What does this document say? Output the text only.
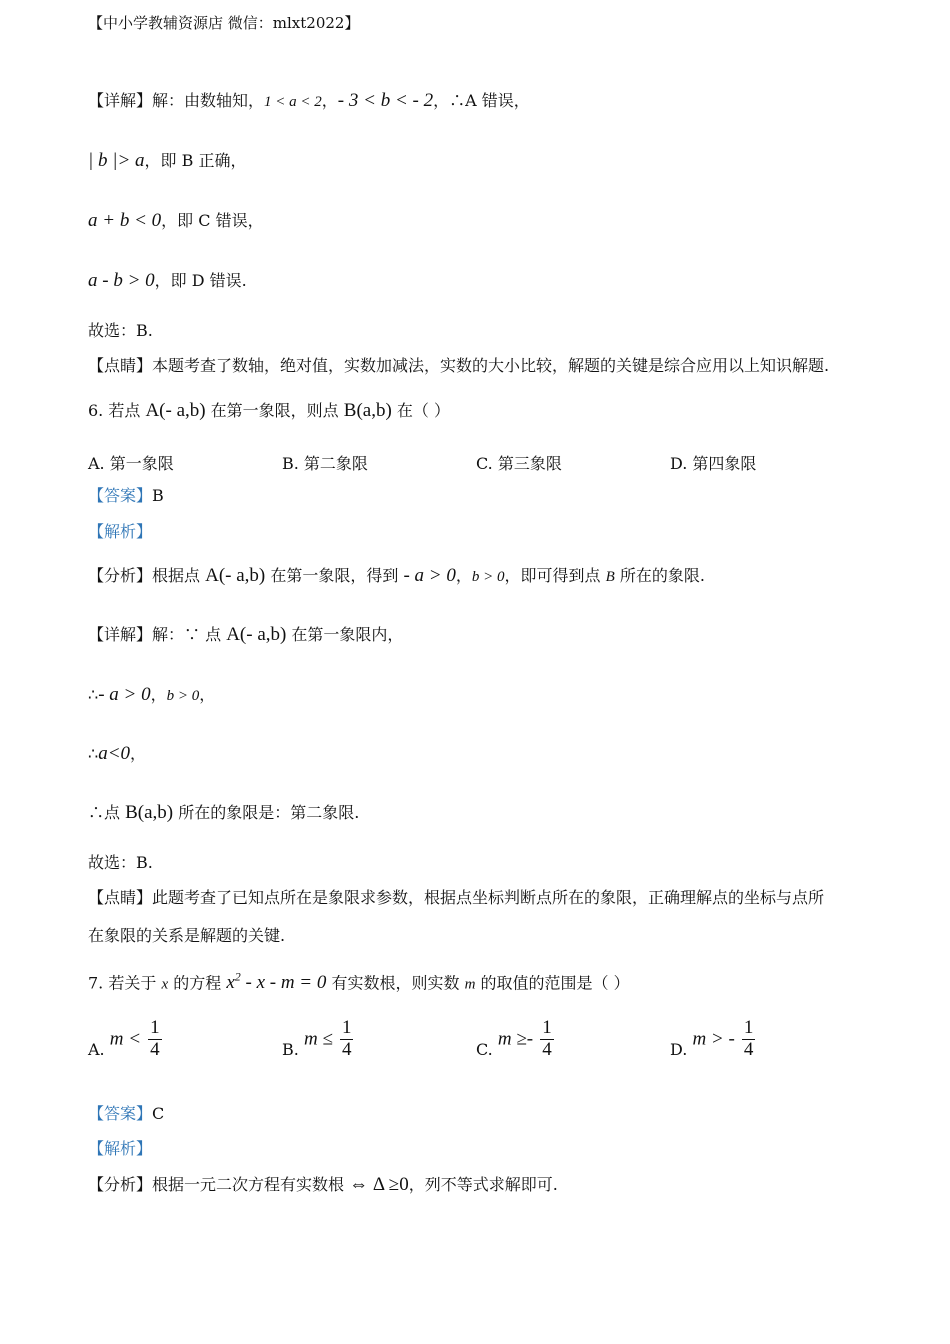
【中小学教辅资源店 微信：mlxt2022】
【详解】解：由数轴知，1 < a < 2，- 3 < b < - 2，∴A 错误，
| b |> a，即 B 正确，
a + b < 0，即 C 错误，
a - b > 0，即 D 错误.
故选：B.
【点睛】本题考查了数轴，绝对值，实数加减法，实数的大小比较，解题的关键是综合应用以上知识解题.
6. 若点 A(- a,b) 在第一象限，则点 B(a,b) 在（ ）
A. 第一象限	B. 第二象限	C. 第三象限	D. 第四象限
【答案】B
【解析】
【分析】根据点 A(- a,b) 在第一象限，得到 - a > 0，b > 0，即可得到点 B 所在的象限.
【详解】解：∵ 点 A(- a,b) 在第一象限内，
∴- a > 0，b > 0，
∴a<0，
∴点 B(a,b) 所在的象限是：第二象限.
故选：B.
【点睛】此题考查了已知点所在是象限求参数，根据点坐标判断点所在的象限，正确理解点的坐标与点所
在象限的关系是解题的关键.
7. 若关于 x 的方程 $x^2 - x - m = 0$ 有实数根，则实数 m 的取值的范围是（ ）
A. $m < \frac{1}{4}$	B. $m \le \frac{1}{4}$	C. $m \ge- \frac{1}{4}$	D. m > - $\frac{1}{4}$
【答案】C
【解析】
【分析】根据一元二次方程有实数根 ⇔ Δ ≥0，列不等式求解即可.
